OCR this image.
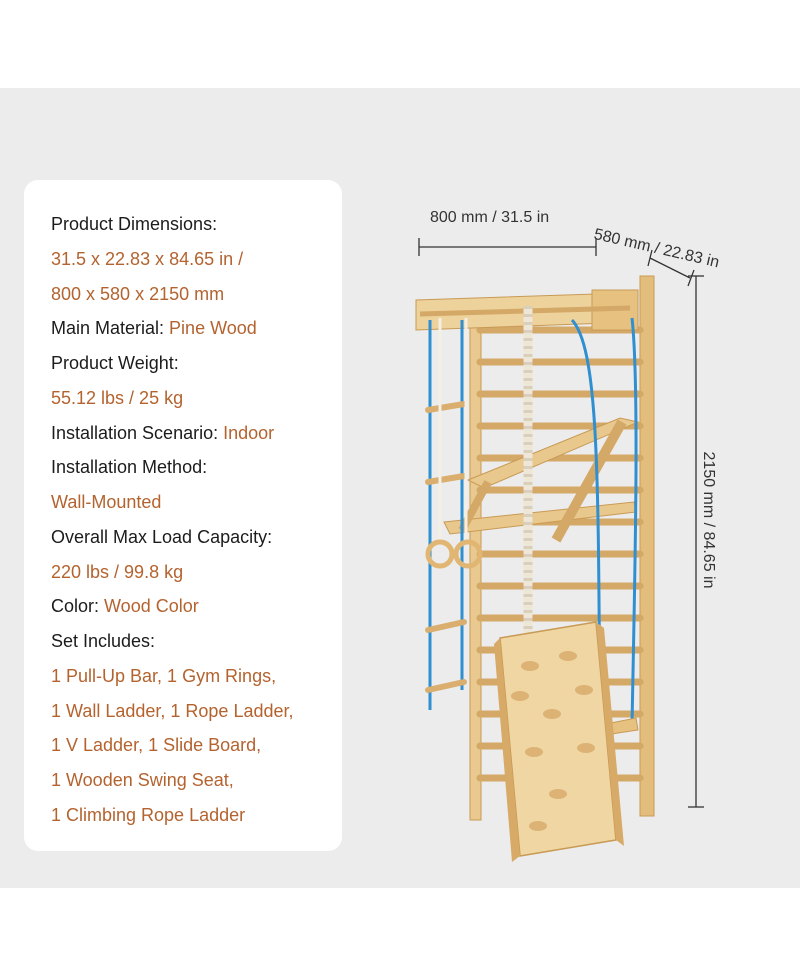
Product Dimensions:
31.5 x 22.83 x 84.65 in /
800 x 580 x 2150 mm
Main Material: Pine Wood
Product Weight:
55.12 lbs / 25 kg
Installation Scenario: Indoor
Installation Method:
Wall-Mounted
Overall Max Load Capacity:
220 lbs / 99.8 kg
Color: Wood Color
Set Includes:
1 Pull-Up Bar, 1 Gym Rings,
1 Wall Ladder, 1 Rope Ladder,
1 V Ladder, 1 Slide Board,
1 Wooden Swing Seat,
1 Climbing Rope Ladder
800 mm / 31.5 in
580 mm / 22.83 in
2150 mm / 84.65 in
